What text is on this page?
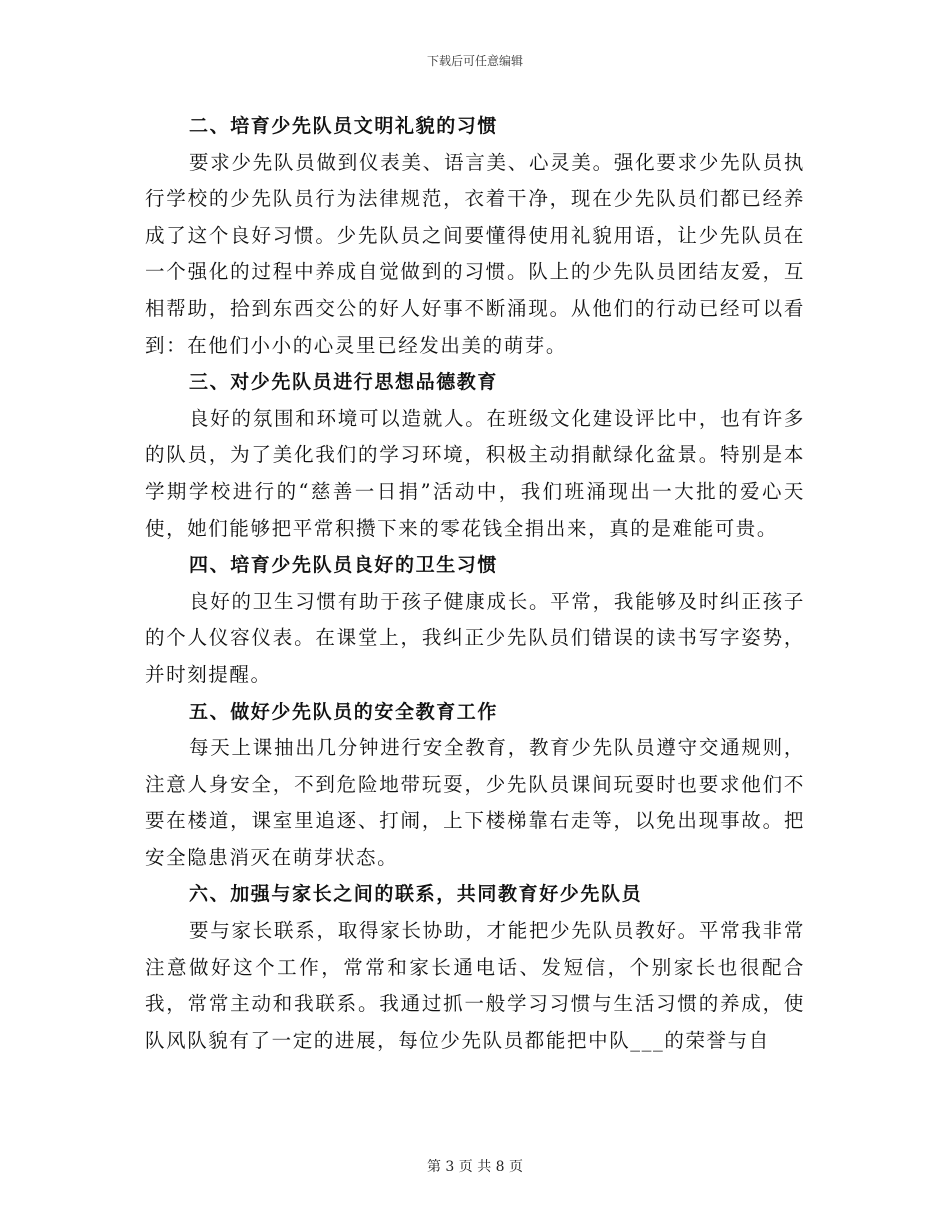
下载后可任意编辑

二、培育少先队员文明礼貌的习惯

要求少先队员做到仪表美、语言美、心灵美。强化要求少先队员执行学校的少先队员行为法律规范，衣着干净，现在少先队员们都已经养成了这个良好习惯。少先队员之间要懂得使用礼貌用语，让少先队员在一个强化的过程中养成自觉做到的习惯。队上的少先队员团结友爱，互相帮助，拾到东西交公的好人好事不断涌现。从他们的行动已经可以看到：在他们小小的心灵里已经发出美的萌芽。

三、对少先队员进行思想品德教育

良好的氛围和环境可以造就人。在班级文化建设评比中，也有许多的队员，为了美化我们的学习环境，积极主动捐献绿化盆景。特别是本学期学校进行的“慈善一日捐”活动中，我们班涌现出一大批的爱心天使，她们能够把平常积攒下来的零花钱全捐出来，真的是难能可贵。

四、培育少先队员良好的卫生习惯

良好的卫生习惯有助于孩子健康成长。平常，我能够及时纠正孩子的个人仪容仪表。在课堂上，我纠正少先队员们错误的读书写字姿势，并时刻提醒。

五、做好少先队员的安全教育工作

每天上课抽出几分钟进行安全教育，教育少先队员遵守交通规则，注意人身安全，不到危险地带玩耍，少先队员课间玩耍时也要求他们不要在楼道，课室里追逐、打闹，上下楼梯靠右走等，以免出现事故。把安全隐患消灭在萌芽状态。

六、加强与家长之间的联系，共同教育好少先队员

要与家长联系，取得家长协助，才能把少先队员教好。平常我非常注意做好这个工作，常常和家长通电话、发短信，个别家长也很配合我，常常主动和我联系。我通过抓一般学习习惯与生活习惯的养成，使队风队貌有了一定的进展，每位少先队员都能把中队___的荣誉与自

第 3 页 共 8 页
